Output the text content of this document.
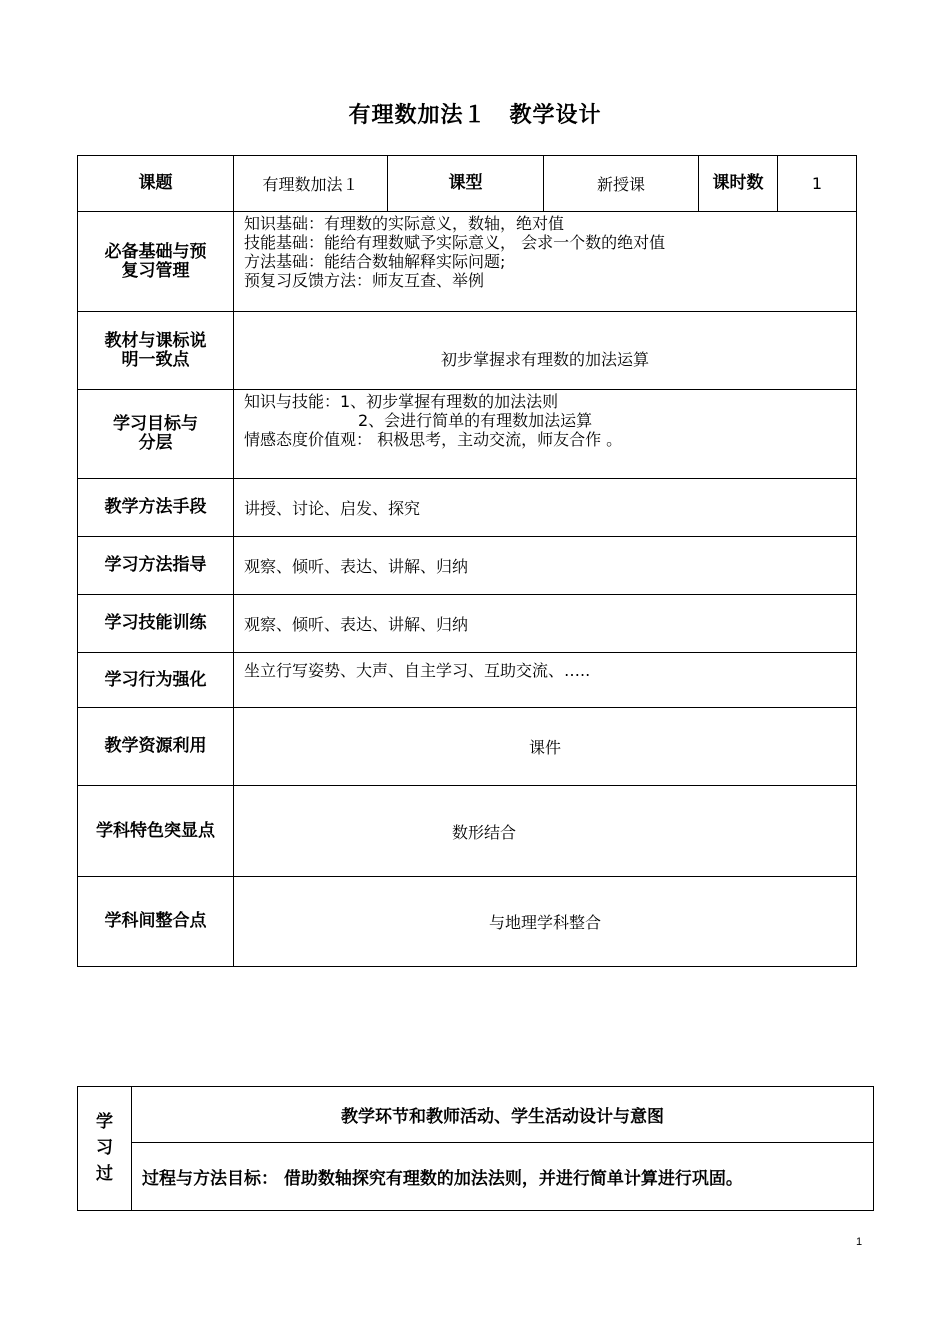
有理数加法１　教学设计
课题	有理数加法１	课型	新授课	课时数	1

必备基础与预复习管理	知识基础：有理数的实际意义，数轴，绝对值
技能基础：能给有理数赋予实际意义， 会求一个数的绝对值
方法基础：能结合数轴解释实际问题;
预复习反馈方法：师友互查、举例				

教材与课标说明一致点	初步掌握求有理数的加法运算				

学习目标与分层	知识与技能：1、初步掌握有理数的加法法则
2、会进行简单的有理数加法运算
情感态度价值观： 积极思考，主动交流，师友合作 。				

教学方法手段	讲授、讨论、启发、探究				
学习方法指导	观察、倾听、表达、讲解、归纳				
学习技能训练	观察、倾听、表达、讲解、归纳				
学习行为强化	坐立行写姿势、大声、自主学习、互助交流、…..				
教学资源利用	课件				
学科特色突显点	数形结合				
学科间整合点	与地理学科整合				
学
习
过
	教学环节和教师活动、学生活动设计与意图
过程与方法目标： 借助数轴探究有理数的加法法则，并进行简单计算进行巩固。
1
